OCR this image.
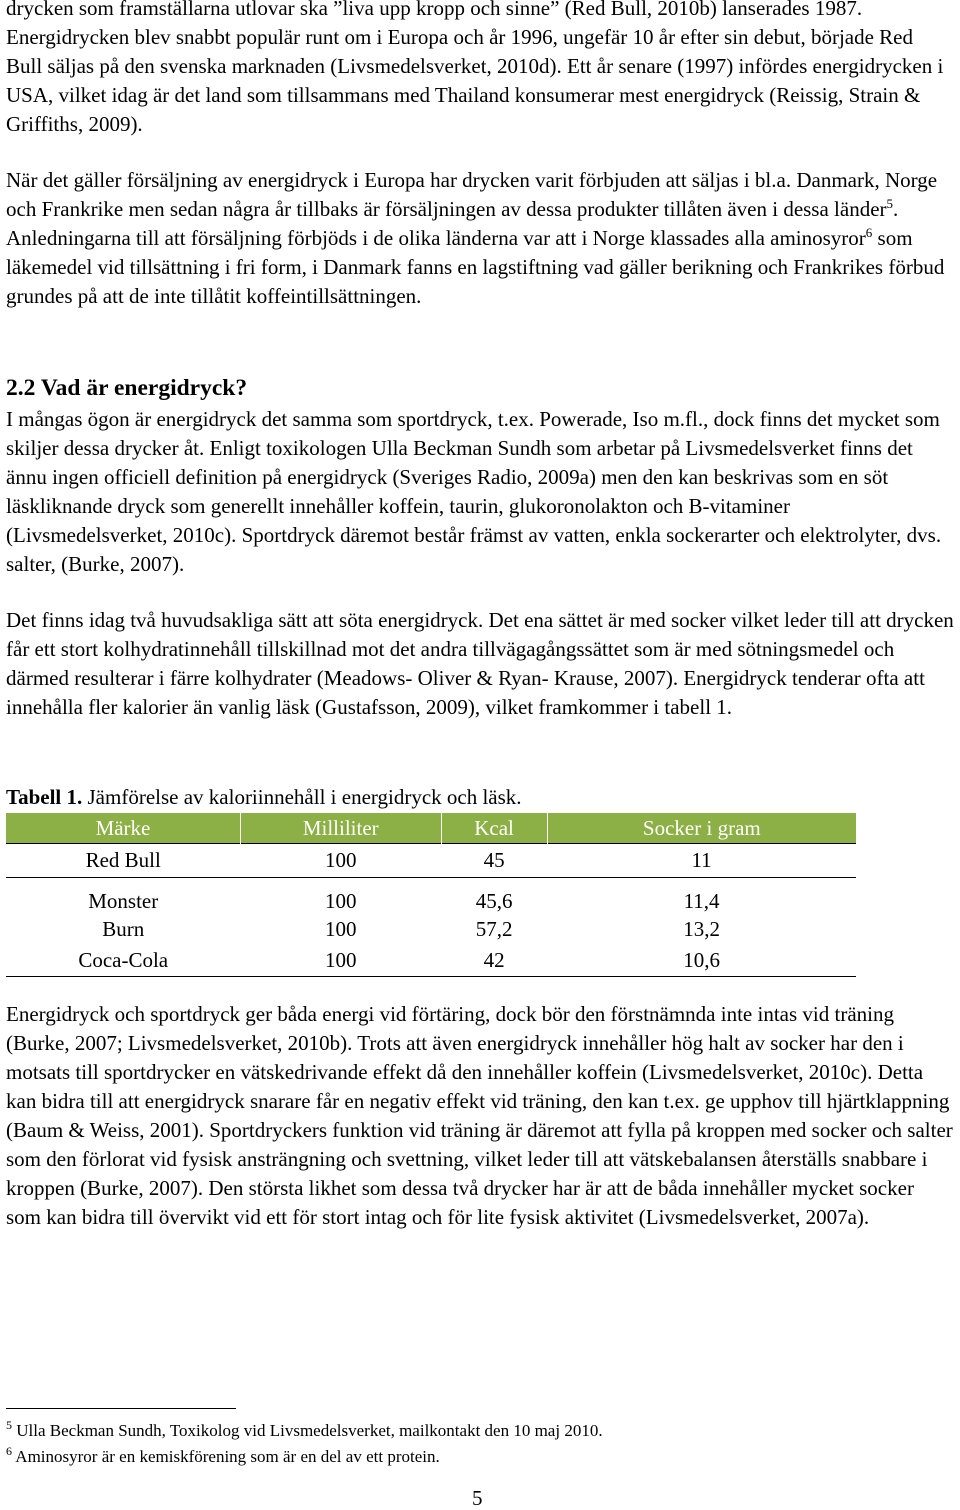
drycken som framställarna utlovar ska ”liva upp kropp och sinne” (Red Bull, 2010b) lanserades 1987. Energidrycken blev snabbt populär runt om i Europa och år 1996, ungefär 10 år efter sin debut, började Red Bull säljas på den svenska marknaden (Livsmedelsverket, 2010d). Ett år senare (1997) infördes energidrycken i USA, vilket idag är det land som tillsammans med Thailand konsumerar mest energidryck (Reissig, Strain & Griffiths, 2009).

När det gäller försäljning av energidryck i Europa har drycken varit förbjuden att säljas i bl.a. Danmark, Norge och Frankrike men sedan några år tillbaks är försäljningen av dessa produkter tillåten även i dessa länder$^5$. Anledningarna till att försäljning förbjöds i de olika länderna var att i Norge klassades alla aminosyror$^6$ som läkemedel vid tillsättning i fri form, i Danmark fanns en lagstiftning vad gäller berikning och Frankrikes förbud grundes på att de inte tillåtit koffeintillsättningen.

2.2 Vad är energidryck?

I mångas ögon är energidryck det samma som sportdryck, t.ex. Powerade, Iso m.fl., dock finns det mycket som skiljer dessa drycker åt. Enligt toxikologen Ulla Beckman Sundh som arbetar på Livsmedelsverket finns det ännu ingen officiell definition på energidryck (Sveriges Radio, 2009a) men den kan beskrivas som en söt läskliknande dryck som generellt innehåller koffein, taurin, glukoronolakton och B-vitaminer (Livsmedelsverket, 2010c). Sportdryck däremot består främst av vatten, enkla sockerarter och elektrolyter, dvs. salter, (Burke, 2007).

Det finns idag två huvudsakliga sätt att söta energidryck. Det ena sättet är med socker vilket leder till att drycken får ett stort kolhydratinnehåll tillskillnad mot det andra tillvägagångssättet som är med sötningsmedel och därmed resulterar i färre kolhydrater (Meadows- Oliver & Ryan- Krause, 2007). Energidryck tenderar ofta att innehålla fler kalorier än vanlig läsk (Gustafsson, 2009), vilket framkommer i tabell 1.

Tabell 1. Jämförelse av kaloriinnehåll i energidryck och läsk.

Märke	Milliliter	Kcal	Socker i gram
Red Bull	100	45	11
Monster	100	45,6	11,4
Burn	100	57,2	13,2
Coca-Cola	100	42	10,6

Energidryck och sportdryck ger båda energi vid förtäring, dock bör den förstnämnda inte intas vid träning (Burke, 2007; Livsmedelsverket, 2010b). Trots att även energidryck innehåller hög halt av socker har den i motsats till sportdrycker en vätskedrivande effekt då den innehåller koffein (Livsmedelsverket, 2010c). Detta kan bidra till att energidryck snarare får en negativ effekt vid träning, den kan t.ex. ge upphov till hjärtklappning (Baum & Weiss, 2001). Sportdryckers funktion vid träning är däremot att fylla på kroppen med socker och salter som den förlorat vid fysisk ansträngning och svettning, vilket leder till att vätskebalansen återställs snabbare i kroppen (Burke, 2007). Den största likhet som dessa två drycker har är att de båda innehåller mycket socker som kan bidra till övervikt vid ett för stort intag och för lite fysisk aktivitet (Livsmedelsverket, 2007a).

$^5$ Ulla Beckman Sundh, Toxikolog vid Livsmedelsverket, mailkontakt den 10 maj 2010.

$^6$ Aminosyror är en kemiskförening som är en del av ett protein.

5
